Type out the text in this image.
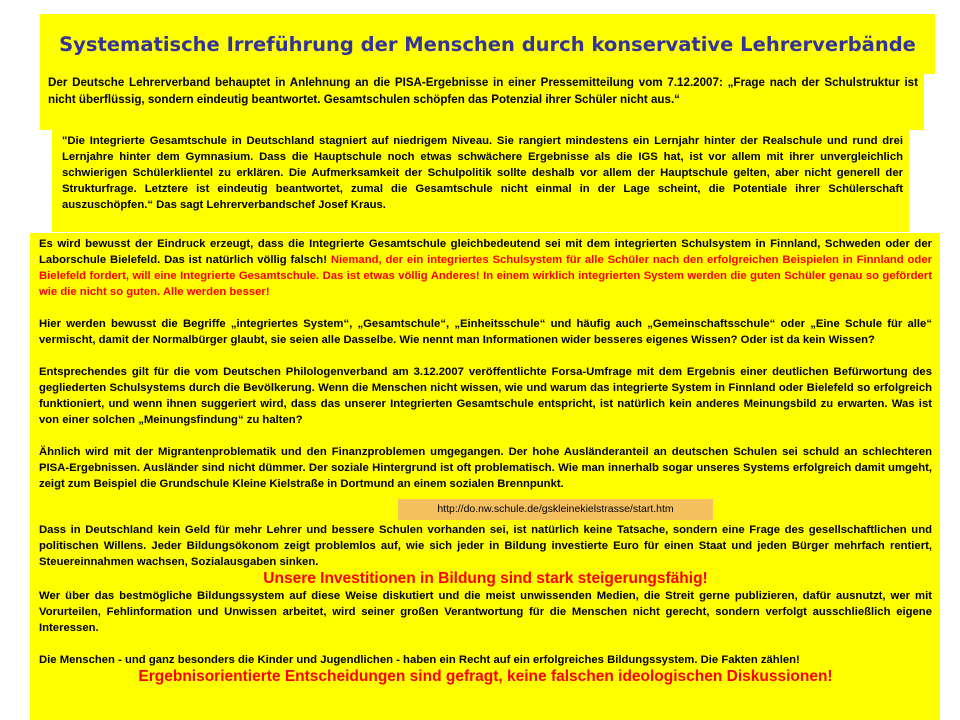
Systematische Irreführung der Menschen durch konservative Lehrerverbände

Der Deutsche Lehrerverband behauptet in Anlehnung an die PISA-Ergebnisse in einer Pressemitteilung vom 7.12.2007: „Frage nach der Schulstruktur ist nicht überflüssig, sondern eindeutig beantwortet. Gesamtschulen schöpfen das Potenzial ihrer Schüler nicht aus.“

"Die Integrierte Gesamtschule in Deutschland stagniert auf niedrigem Niveau. Sie rangiert mindestens ein Lernjahr hinter der Realschule und rund drei Lernjahre hinter dem Gymnasium. Dass die Hauptschule noch etwas schwächere Ergebnisse als die IGS hat, ist vor allem mit ihrer unvergleichlich schwierigen Schülerklientel zu erklären. Die Aufmerksamkeit der Schulpolitik sollte deshalb vor allem der Hauptschule gelten, aber nicht generell der Strukturfrage. Letztere ist eindeutig beantwortet, zumal die Gesamtschule nicht einmal in der Lage scheint, die Potentiale ihrer Schülerschaft auszuschöpfen.“ Das sagt Lehrerverbandschef Josef Kraus.

Es wird bewusst der Eindruck erzeugt, dass die Integrierte Gesamtschule gleichbedeutend sei mit dem integrierten Schulsystem in Finnland, Schweden oder der Laborschule Bielefeld. Das ist natürlich völlig falsch! Niemand, der ein integriertes Schulsystem für alle Schüler nach den erfolgreichen Beispielen in Finnland oder Bielefeld fordert, will eine Integrierte Gesamtschule. Das ist etwas völlig Anderes! In einem wirklich integrierten System werden die guten Schüler genau so gefördert wie die nicht so guten. Alle werden besser!

Hier werden bewusst die Begriffe „integriertes System“, „Gesamtschule“, „Einheitsschule“ und häufig auch „Gemeinschaftsschule“ oder „Eine Schule für alle“ vermischt, damit der Normalbürger glaubt, sie seien alle Dasselbe. Wie nennt man Informationen wider besseres eigenes Wissen? Oder ist da kein Wissen?

Entsprechendes gilt für die vom Deutschen Philologenverband am 3.12.2007 veröffentlichte Forsa-Umfrage mit dem Ergebnis einer deutlichen Befürwortung des gegliederten Schulsystems durch die Bevölkerung. Wenn die Menschen nicht wissen, wie und warum das integrierte System in Finnland oder Bielefeld so erfolgreich funktioniert, und wenn ihnen suggeriert wird, dass das unserer Integrierten Gesamtschule entspricht, ist natürlich kein anderes Meinungsbild zu erwarten. Was ist von einer solchen „Meinungsfindung“ zu halten?

Ähnlich wird mit der Migrantenproblematik und den Finanzproblemen umgegangen. Der hohe Ausländeranteil an deutschen Schulen sei schuld an schlechteren PISA-Ergebnissen. Ausländer sind nicht dümmer. Der soziale Hintergrund ist oft problematisch. Wie man innerhalb sogar unseres Systems erfolgreich damit umgeht, zeigt zum Beispiel die Grundschule Kleine Kielstraße in Dortmund an einem sozialen Brennpunkt.

Dass in Deutschland kein Geld für mehr Lehrer und bessere Schulen vorhanden sei, ist natürlich keine Tatsache, sondern eine Frage des gesellschaftlichen und politischen Willens. Jeder Bildungsökonom zeigt problemlos auf, wie sich jeder in Bildung investierte Euro für einen Staat und jeden Bürger mehrfach rentiert, Steuereinnahmen wachsen, Sozialausgaben sinken.

Unsere Investitionen in Bildung sind stark steigerungsfähig!

Wer über das bestmögliche Bildungssystem auf diese Weise diskutiert und die meist unwissenden Medien, die Streit gerne publizieren, dafür ausnutzt, wer mit Vorurteilen, Fehlinformation und Unwissen arbeitet, wird seiner großen Verantwortung für die Menschen nicht gerecht, sondern verfolgt ausschließlich eigene Interessen.

Die Menschen - und ganz besonders die Kinder und Jugendlichen - haben ein Recht auf ein erfolgreiches Bildungssystem. Die Fakten zählen!

Ergebnisorientierte Entscheidungen sind gefragt, keine falschen ideologischen Diskussionen!

http://do.nw.schule.de/gskleinekielstrasse/start.htm
